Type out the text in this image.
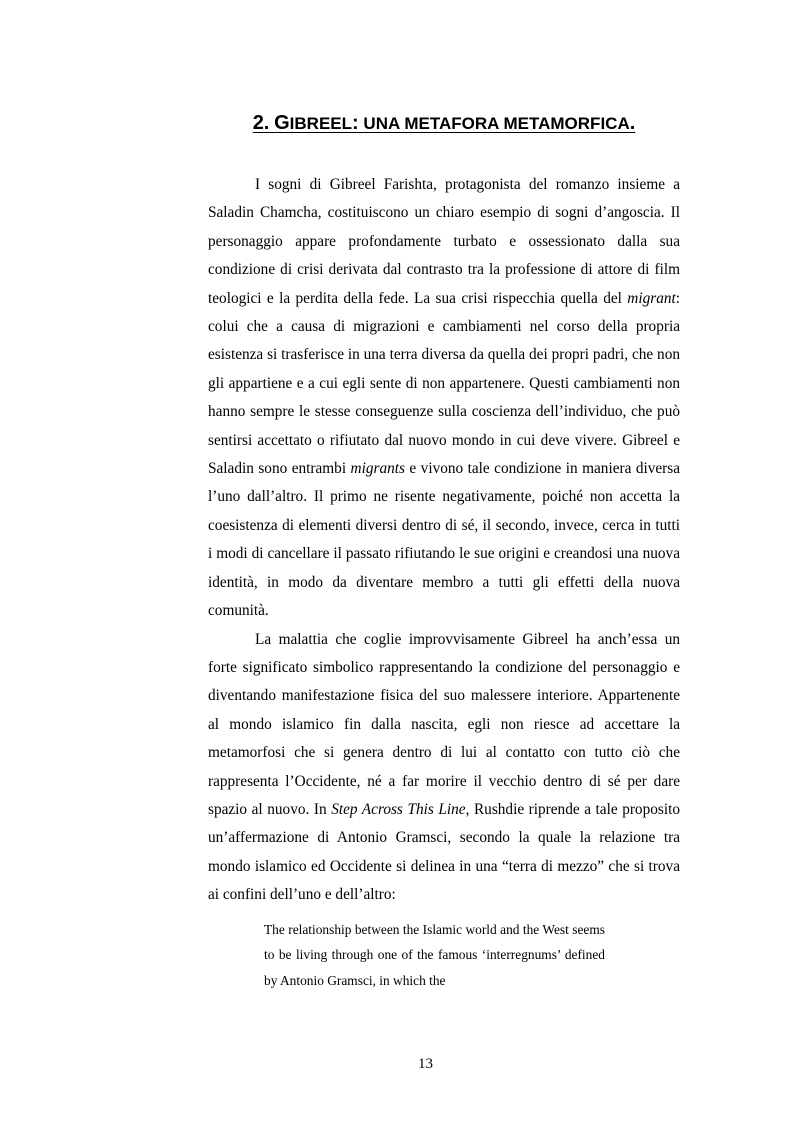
2. GIBREEL: UNA METAFORA METAMORFICA.

I sogni di Gibreel Farishta, protagonista del romanzo insieme a Saladin Chamcha, costituiscono un chiaro esempio di sogni d’angoscia. Il personaggio appare profondamente turbato e ossessionato dalla sua condizione di crisi derivata dal contrasto tra la professione di attore di film teologici e la perdita della fede. La sua crisi rispecchia quella del migrant: colui che a causa di migrazioni e cambiamenti nel corso della propria esistenza si trasferisce in una terra diversa da quella dei propri padri, che non gli appartiene e a cui egli sente di non appartenere. Questi cambiamenti non hanno sempre le stesse conseguenze sulla coscienza dell’individuo, che può sentirsi accettato o rifiutato dal nuovo mondo in cui deve vivere. Gibreel e Saladin sono entrambi migrants e vivono tale condizione in maniera diversa l’uno dall’altro. Il primo ne risente negativamente, poiché non accetta la coesistenza di elementi diversi dentro di sé, il secondo, invece, cerca in tutti i modi di cancellare il passato rifiutando le sue origini e creandosi una nuova identità, in modo da diventare membro a tutti gli effetti della nuova comunità.

La malattia che coglie improvvisamente Gibreel ha anch’essa un forte significato simbolico rappresentando la condizione del personaggio e diventando manifestazione fisica del suo malessere interiore. Appartenente al mondo islamico fin dalla nascita, egli non riesce ad accettare la metamorfosi che si genera dentro di lui al contatto con tutto ciò che rappresenta l’Occidente, né a far morire il vecchio dentro di sé per dare spazio al nuovo. In Step Across This Line, Rushdie riprende a tale proposito un’affermazione di Antonio Gramsci, secondo la quale la relazione tra mondo islamico ed Occidente si delinea in una “terra di mezzo” che si trova ai confini dell’uno e dell’altro:

The relationship between the Islamic world and the West seems to be living through one of the famous ‘interregnums’ defined by Antonio Gramsci, in which the

13
